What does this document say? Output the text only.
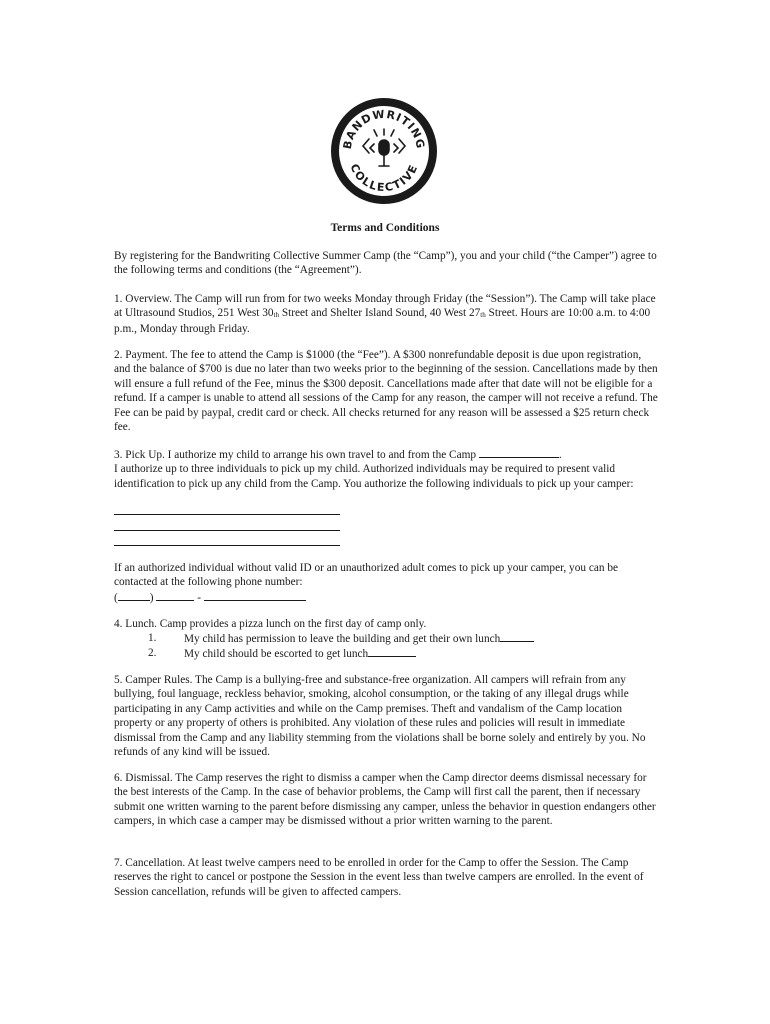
BANDWRITING
COLLECTIVE
Terms and Conditions

By registering for the Bandwriting Collective Summer Camp (the “Camp”), you and your child (“the Camper”) agree to the following terms and conditions (the “Agreement”).

1. Overview. The Camp will run from for two weeks Monday through Friday (the “Session”). The Camp will take place at Ultrasound Studios, 251 West 30th Street and Shelter Island Sound, 40 West 27th Street. Hours are 10:00 a.m. to 4:00 p.m., Monday through Friday.

2. Payment. The fee to attend the Camp is $1000 (the “Fee”). A $300 nonrefundable deposit is due upon registration, and the balance of $700 is due no later than two weeks prior to the beginning of the session. Cancellations made by then will ensure a full refund of the Fee, minus the $300 deposit. Cancellations made after that date will not be eligible for a refund. If a camper is unable to attend all sessions of the Camp for any reason, the camper will not receive a refund. The Fee can be paid by paypal, credit card or check. All checks returned for any reason will be assessed a $25 return check fee.

3. Pick Up. I authorize my child to arrange his own travel to and from the Camp	.

I authorize up to three individuals to pick up my child. Authorized individuals may be required to present valid identification to pick up any child from the Camp. You authorize the following individuals to pick up your camper:

If an authorized individual without valid ID or an unauthorized adult comes to pick up your camper, you can be contacted at the following phone number:

(	)	-

4. Lunch. Camp provides a pizza lunch on the first day of camp only.

1. My child has permission to leave the building and get their own lunch
2. My child should be escorted to get lunch

5. Camper Rules. The Camp is a bullying-free and substance-free organization. All campers will refrain from any bullying, foul language, reckless behavior, smoking, alcohol consumption, or the taking of any illegal drugs while participating in any Camp activities and while on the Camp premises. Theft and vandalism of the Camp location property or any property of others is prohibited. Any violation of these rules and policies will result in immediate dismissal from the Camp and any liability stemming from the violations shall be borne solely and entirely by you. No refunds of any kind will be issued.

6. Dismissal. The Camp reserves the right to dismiss a camper when the Camp director deems dismissal necessary for the best interests of the Camp. In the case of behavior problems, the Camp will first call the parent, then if necessary submit one written warning to the parent before dismissing any camper, unless the behavior in question endangers other campers, in which case a camper may be dismissed without a prior written warning to the parent.

7. Cancellation. At least twelve campers need to be enrolled in order for the Camp to offer the Session. The Camp reserves the right to cancel or postpone the Session in the event less than twelve campers are enrolled. In the event of Session cancellation, refunds will be given to affected campers.
